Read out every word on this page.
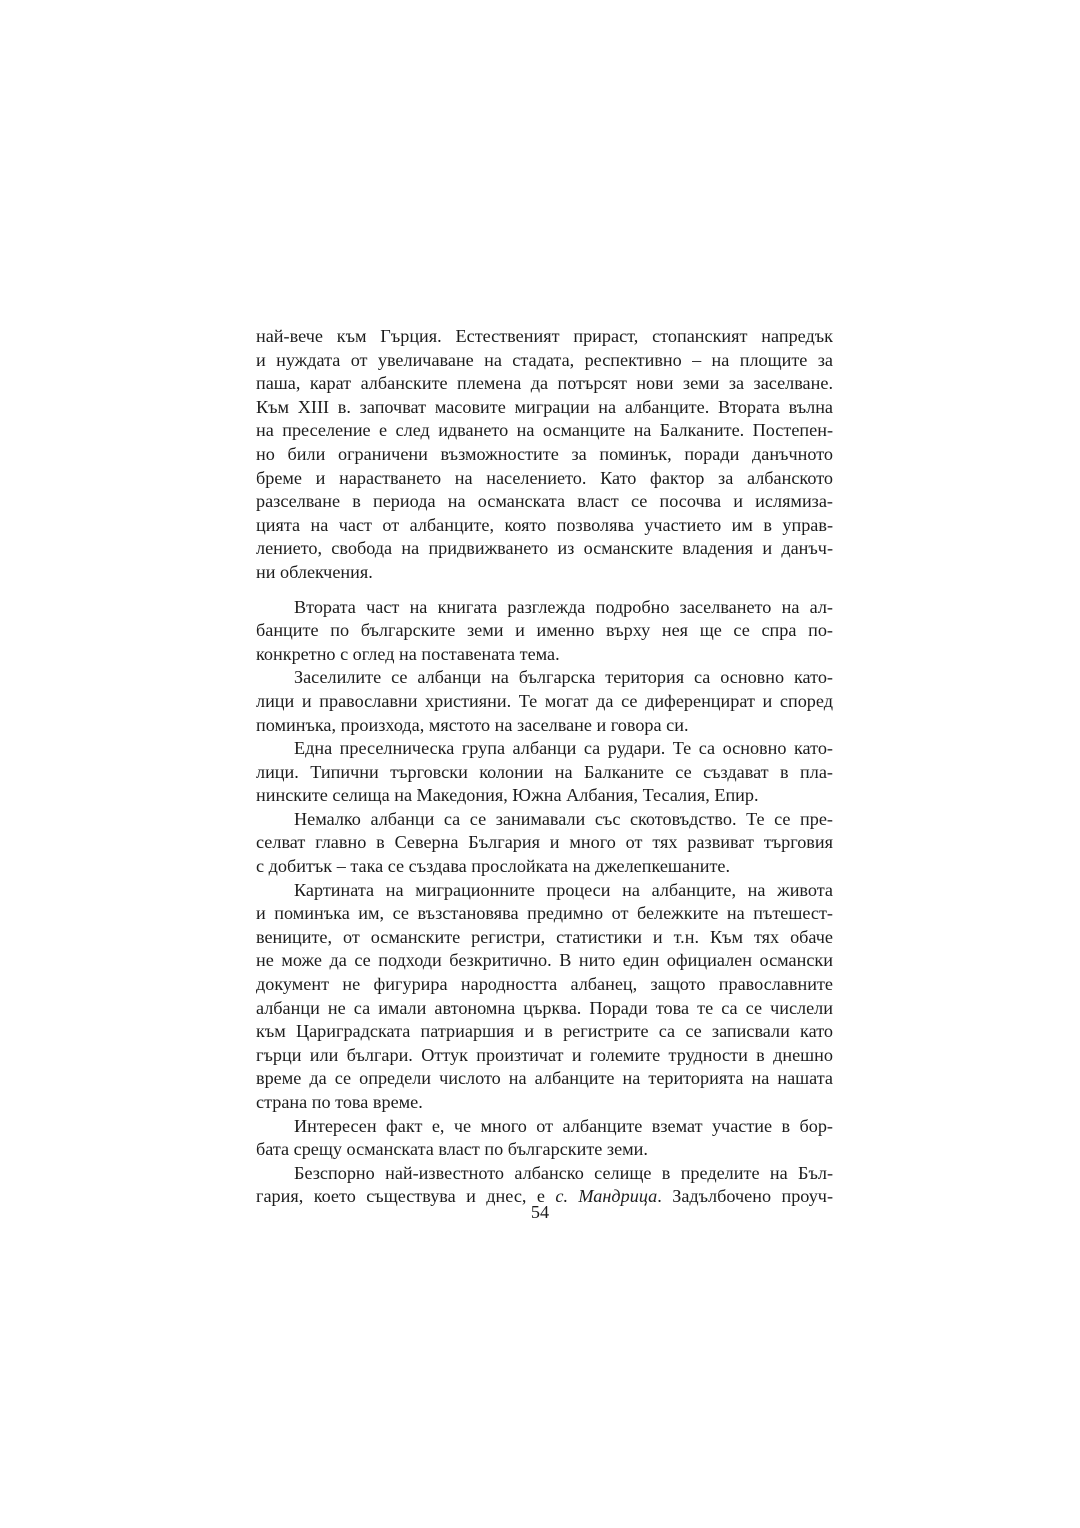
най-вече към Гърция. Естественият прираст, стопанският напредък
и нуждата от увеличаване на стадата, респективно – на площите за
паша, карат албанските племена да потърсят нови земи за заселване.
Към XIII в. започват масовите миграции на албанците. Втората вълна
на преселение е след идването на османците на Балканите. Постепен-
но били ограничени възможностите за поминък, поради данъчното
бреме и нарастването на населението. Като фактор за албанското
разселване в периода на османската власт се посочва и ислямиза-
цията на част от албанците, която позволява участието им в управ-
лението, свобода на придвижването из османските владения и данъч-
ни облекчения.
Втората част на книгата разглежда подробно заселването на ал-
банците по българските земи и именно върху нея ще се спра по-
конкретно с оглед на поставената тема.
Заселилите се албанци на българска територия са основно като-
лици и православни християни. Те могат да се диференцират и според
поминъка, произхода, мястото на заселване и говора си.
Една преселническа група албанци са рудари. Те са основно като-
лици. Типични търговски колонии на Балканите се създават в пла-
нинските селища на Македония, Южна Албания, Тесалия, Епир.
Немалко албанци са се занимавали със скотовъдство. Те се пре-
селват главно в Северна България и много от тях развиват търговия
с добитък – така се създава прослойката на джелепкешаните.
Картината на миграционните процеси на албанците, на живота
и поминъка им, се възстановява предимно от бележките на пътешест-
вениците, от османските регистри, статистики и т.н. Към тях обаче
не може да се подходи безкритично. В нито един официален османски
документ не фигурира народността албанец, защото православните
албанци не са имали автономна църква. Поради това те са се числели
към Цариградската патриаршия и в регистрите са се записвали като
гърци или българи. Оттук произтичат и големите трудности в днешно
време да се определи числото на албанците на територията на нашата
страна по това време.
Интересен факт е, че много от албанците вземат участие в бор-
бата срещу османската власт по българските земи.
Безспорно най-известното албанско селище в пределите на Бъл-
гария, което съществува и днес, е с. Мандрица. Задълбочено проуч-
54
